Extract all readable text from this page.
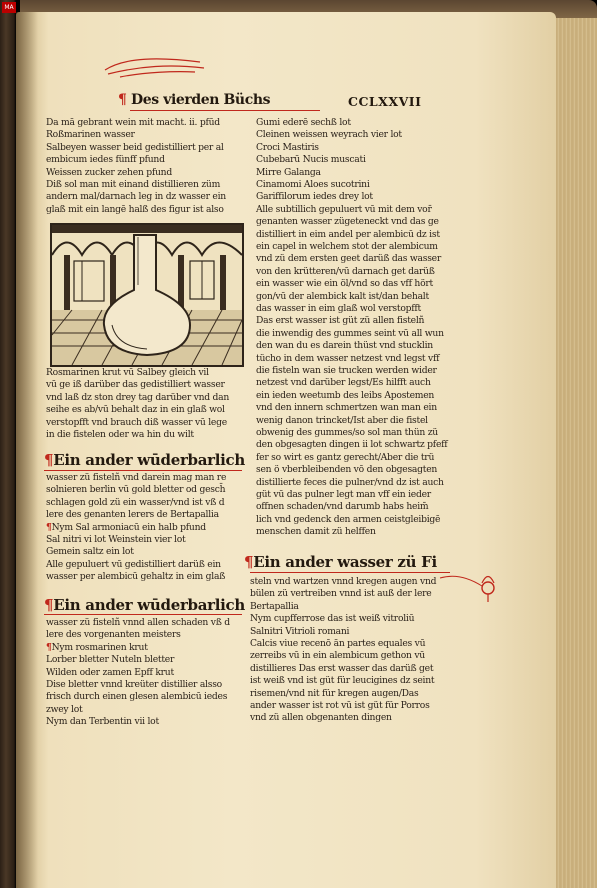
MA
¶ Des vierden Büchs	CCLXXVII
Da mā gebrant wein mit macht. ii. pfūd
Roßmarinen wasser
Salbeyen wasser beid gedistilliert per al
embicum iedes fünff pfund
Weissen zucker zehen pfund
Diß sol man mit einand distillieren züm
andern mal/darnach leg in dz wasser ein
glaß mit ein langē halß des figur ist also
Rosmarinen krut vū Salbey gleich vil
vū ge iß darüber das gedistilliert wasser
vnd laß dz ston drey tag darüber vnd dan
seihe es ab/vū behalt daz in ein glaß wol
verstopfft vnd brauch diß wasser vū lege
in die fistelen oder wa hin du wilt
¶Ein ander wūderbarlich
wasser zü fistelñ vnd darein mag man re
solnieren berlin vū gold bletter od gesch̄
schlagen gold zü ein wasser/vnd ist vß d
lere des genanten lerers de Bertapallia
¶Nym Sal armoniacū ein halb pfund
Sal nitri vi lot Weinstein vier lot
Gemein saltz ein lot
Alle gepuluert vū gedistilliert darüß ein
wasser per alembicū gehaltz in eim glaß
¶Ein ander wūderbarlich
wasser zü fistelñ vnnd allen schaden vß d
lere des vorgenanten meisters
¶Nym rosmarinen krut
Lorber bletter Nuteln bletter
Wilden oder zamen Epff krut
Dise bletter vnnd kreüter distillier alsso
frisch durch einen glesen alembicū iedes
zwey lot
Nym dan Terbentin vii lot
Gumi ederē sechß lot
Cleinen weissen weyrach vier lot
Croci Mastiris
Cubebarū Nucis muscati
Mirre Galanga
Cinamomi Aloes sucotrini
Gariffilorum iedes drey lot
Alle subtillich gepuluert vū mit dem vor̄
genanten wasser zügeteneckt vnd das ge
distilliert in eim andel per alembicū dz ist
ein capel in welchem stot der alembicum
vnd zü dem ersten geet darüß das wasser
von den krütteren/vū darnach get darüß
ein wasser wie ein öl/vnd so das vff hört
gon/vū der alembick kalt ist/dan behalt
das wasser in eim glaß wol verstopfft
Das erst wasser ist güt zü allen fistelñ
die inwendig des gummes seint vū all wun
den wan du es darein thüst vnd stucklin
tücho in dem wasser netzest vnd legst vff
die fisteln wan sie trucken werden wider
netzest vnd darüber legst/Es hilfft auch
ein ieden weetumb des leibs Apostemen
vnd den innern schmertzen wan man ein
wenig danon trincket/Ist aber die fistel
obwenig des gummes/so sol man thün zü
den obgesagten dingen ii lot schwartz pfeff
fer so wirt es gantz gerecht/Aber die trü
sen ö vberbleibenden vō den obgesagten
distillierte feces die pulner/vnd dz ist auch
güt vū das pulner legt man vff ein ieder
offnen schaden/vnd darumb habs heim̄
lich vnd gedenck den armen ceistgleibigē
menschen damit zü helffen
¶Ein ander wasser zü Fi
steln vnd wartzen vnnd kregen augen vnd
bülen zü vertreiben vnnd ist auß der lere
Bertapallia
Nym cupfferrose das ist weiß vitroliū
Salnitri Vitrioli romani
Calcis viue recenō ān partes equales vū
zerreibs vū in ein alembicum gethon vū
distillieres Das erst wasser das darüß get
ist weiß vnd ist güt für leucigines dz seint
risemen/vnd nit für kregen augen/Das
ander wasser ist rot vū ist güt für Porros
vnd zü allen obgenanten dingen
